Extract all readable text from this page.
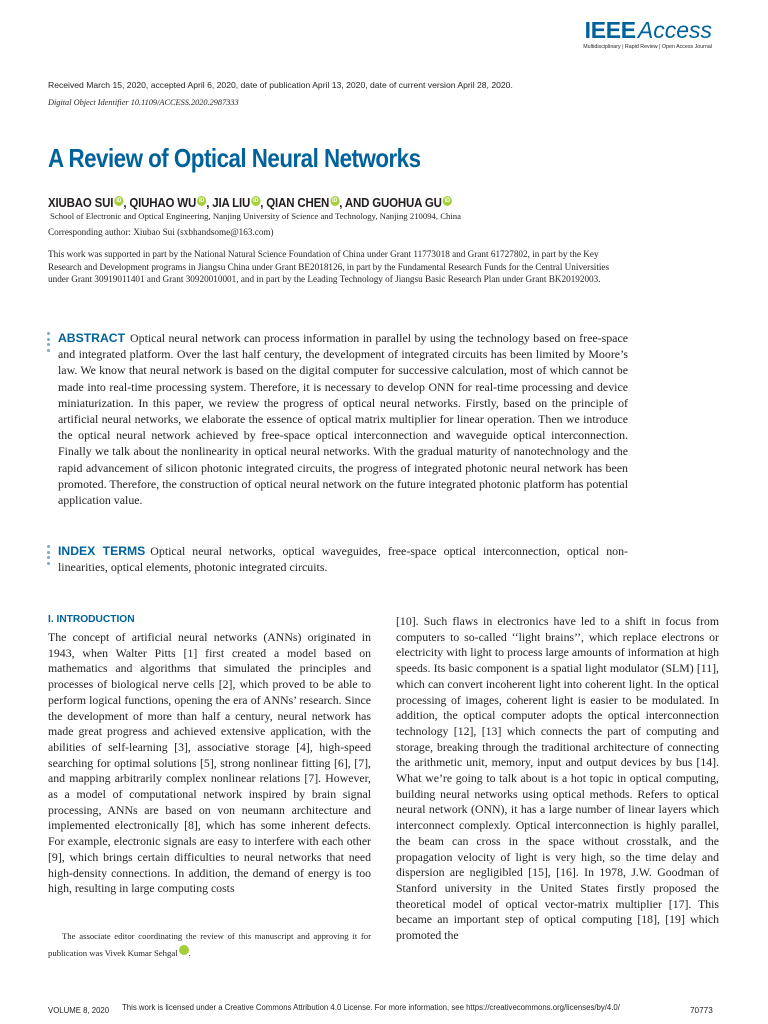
IEEEAccess
Multidisciplinary | Rapid Review | Open Access Journal
Received March 15, 2020, accepted April 6, 2020, date of publication April 13, 2020, date of current version April 28, 2020.
Digital Object Identifier 10.1109/ACCESS.2020.2987333
A Review of Optical Neural Networks
XIUBAO SUI iD , QIUHAO WU iD , JIA LIU iD , QIAN CHEN iD , AND GUOHUA GU iD
School of Electronic and Optical Engineering, Nanjing University of Science and Technology, Nanjing 210094, China
Corresponding author: Xiubao Sui (sxbhandsome@163.com)
This work was supported in part by the National Natural Science Foundation of China under Grant 11773018 and Grant 61727802, in part by the Key Research and Development programs in Jiangsu China under Grant BE2018126, in part by the Fundamental Research Funds for the Central Universities under Grant 30919011401 and Grant 30920010001, and in part by the Leading Technology of Jiangsu Basic Research Plan under Grant BK20192003.
ABSTRACT Optical neural network can process information in parallel by using the technology based on free-space and integrated platform. Over the last half century, the development of integrated circuits has been limited by Moore’s law. We know that neural network is based on the digital computer for successive calculation, most of which cannot be made into real-time processing system. Therefore, it is necessary to develop ONN for real-time processing and device miniaturization. In this paper, we review the progress of optical neural networks. Firstly, based on the principle of artificial neural networks, we elaborate the essence of optical matrix multiplier for linear operation. Then we introduce the optical neural network achieved by free-space optical interconnection and waveguide optical interconnection. Finally we talk about the nonlinearity in optical neural networks. With the gradual maturity of nanotechnology and the rapid advancement of silicon photonic integrated circuits, the progress of integrated photonic neural network has been promoted. Therefore, the construction of optical neural network on the future integrated photonic platform has potential application value.
INDEX TERMS Optical neural networks, optical waveguides, free-space optical interconnection, optical non-linearities, optical elements, photonic integrated circuits.
I. INTRODUCTION
The concept of artificial neural networks (ANNs) originated in 1943, when Walter Pitts [1] first created a model based on mathematics and algorithms that simulated the principles and processes of biological nerve cells [2], which proved to be able to perform logical functions, opening the era of ANNs’ research. Since the development of more than half a century, neural network has made great progress and achieved extensive application, with the abilities of self-learning [3], associative storage [4], high-speed searching for optimal solutions [5], strong nonlinear fitting [6], [7], and mapping arbitrarily complex nonlinear relations [7]. However, as a model of computational network inspired by brain signal processing, ANNs are based on von neumann architecture and implemented electronically [8], which has some inherent defects. For example, electronic signals are easy to interfere with each other [9], which brings certain difficulties to neural networks that need high-density connections. In addition, the demand of energy is too high, resulting in large computing costs
[10]. Such flaws in electronics have led to a shift in focus from computers to so-called ‘‘light brains’’, which replace electrons or electricity with light to process large amounts of information at high speeds. Its basic component is a spatial light modulator (SLM) [11], which can convert incoherent light into coherent light. In the optical processing of images, coherent light is easier to be modulated. In addition, the optical computer adopts the optical interconnection technology [12], [13] which connects the part of computing and storage, breaking through the traditional architecture of connecting the arithmetic unit, memory, input and output devices by bus [14]. What we’re going to talk about is a hot topic in optical computing, building neural networks using optical methods. Refers to optical neural network (ONN), it has a large number of linear layers which interconnect complexly. Optical interconnection is highly parallel, the beam can cross in the space without crosstalk, and the propagation velocity of light is very high, so the time delay and dispersion are negligibled [15], [16]. In 1978, J.W. Goodman of Stanford university in the United States firstly proposed the theoretical model of optical vector-matrix multiplier [17]. This became an important step of optical computing [18], [19] which promoted the
The associate editor coordinating the review of this manuscript and approving it for publication was Vivek Kumar Sehgal	iD.
VOLUME 8, 2020 This work is licensed under a Creative Commons Attribution 4.0 License. For more information, see https://creativecommons.org/licenses/by/4.0/	70773
